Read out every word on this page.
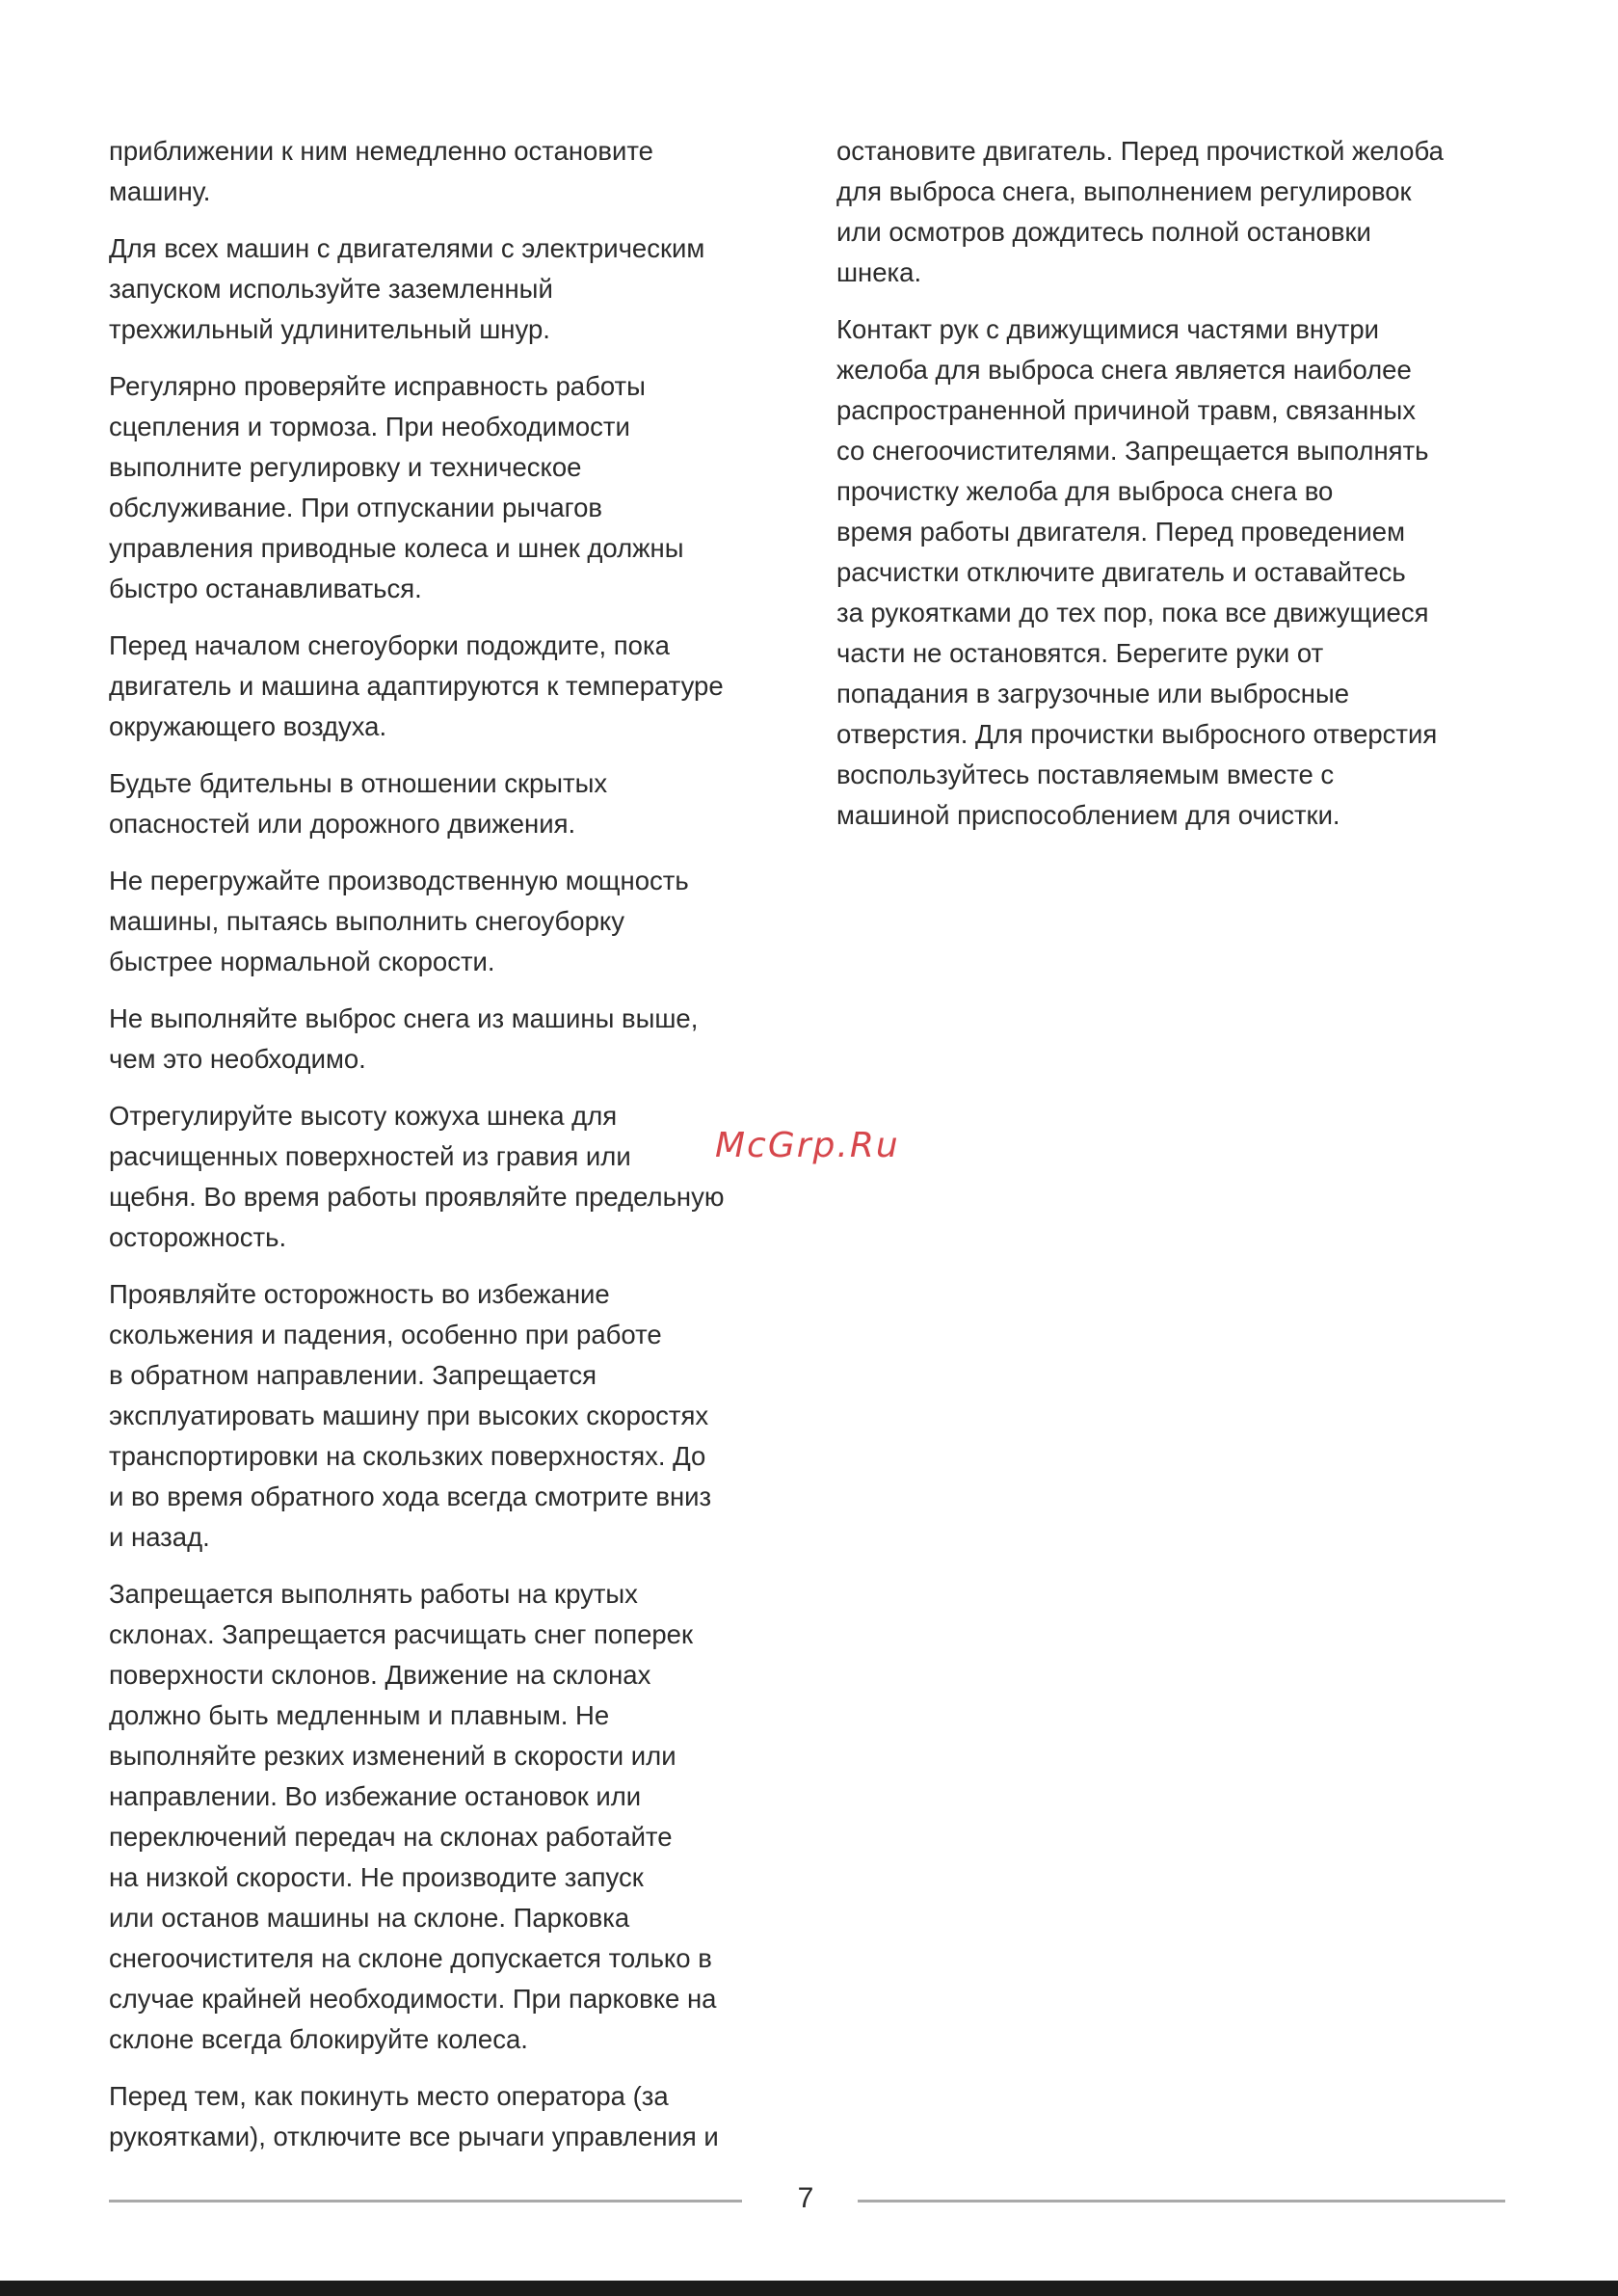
приближении к ним немедленно остановите
машину.

Для всех машин с двигателями с электрическим
запуском используйте заземленный
трехжильный удлинительный шнур.

Регулярно проверяйте исправность работы
сцепления и тормоза. При необходимости
выполните регулировку и техническое
обслуживание. При отпускании рычагов
управления приводные колеса и шнек должны
быстро останавливаться.

Перед началом снегоуборки подождите, пока
двигатель и машина адаптируются к температуре
окружающего воздуха.

Будьте бдительны в отношении скрытых
опасностей или дорожного движения.

Не перегружайте производственную мощность
машины, пытаясь выполнить снегоуборку
быстрее нормальной скорости.

Не выполняйте выброс снега из машины выше,
чем это необходимо.

Отрегулируйте высоту кожуха шнека для
расчищенных поверхностей из гравия или
щебня. Во время работы проявляйте предельную
осторожность.

Проявляйте осторожность во избежание
скольжения и падения, особенно при работе
в обратном направлении. Запрещается
эксплуатировать машину при высоких скоростях
транспортировки на скользких поверхностях. До
и во время обратного хода всегда смотрите вниз
и назад.

Запрещается выполнять работы на крутых
склонах. Запрещается расчищать снег поперек
поверхности склонов. Движение на склонах
должно быть медленным и плавным. Не
выполняйте резких изменений в скорости или
направлении. Во избежание остановок или
переключений передач на склонах работайте
на низкой скорости. Не производите запуск
или останов машины на склоне. Парковка
снегоочистителя на склоне допускается только в
случае крайней необходимости. При парковке на
склоне всегда блокируйте колеса.

Перед тем, как покинуть место оператора (за
рукоятками), отключите все рычаги управления и

остановите двигатель. Перед прочисткой желоба
для выброса снега, выполнением регулировок
или осмотров дождитесь полной остановки
шнека.

Контакт рук с движущимися частями внутри
желоба для выброса снега является наиболее
распространенной причиной травм, связанных
со снегоочистителями. Запрещается выполнять
прочистку желоба для выброса снега во
время работы двигателя. Перед проведением
расчистки отключите двигатель и оставайтесь
за рукоятками до тех пор, пока все движущиеся
части не остановятся. Берегите руки от
попадания в загрузочные или выбросные
отверстия. Для прочистки выбросного отверстия
воспользуйтесь поставляемым вместе с
машиной приспособлением для очистки.

McGrp.Ru
7
